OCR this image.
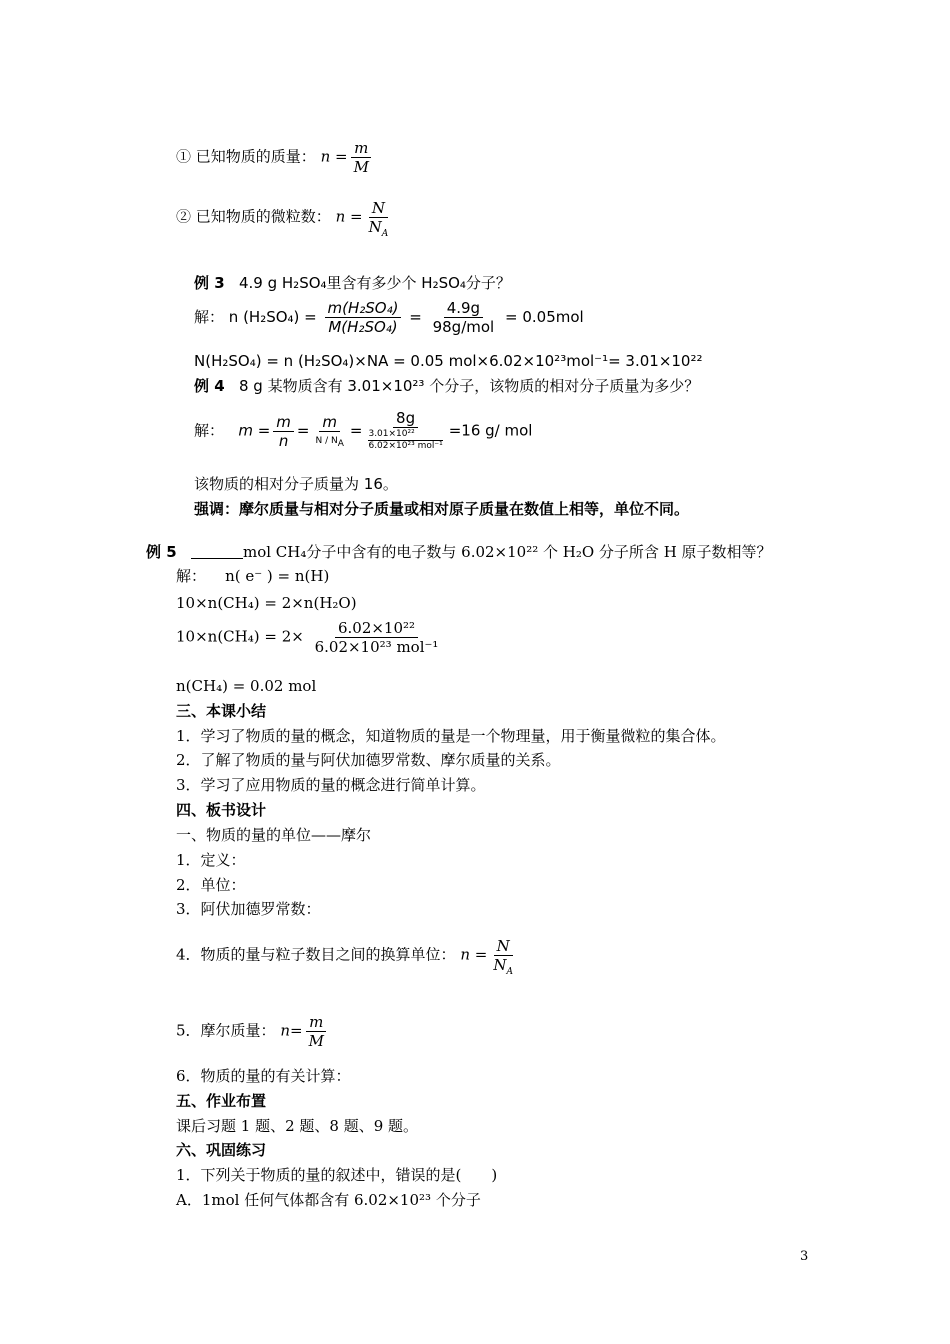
① 已知物质的质量： $n = \frac{m}{M}$
② 已知物质的微粒数： $n = \frac{N}{N_A}$
例 3 4.9 g H₂SO₄里含有多少个 H₂SO₄分子？
解： n $(H_2SO_4) = \frac{\text{m(H₂SO₄)}}{\text{M(H₂SO₄)}} = \frac{4.9g}{\text{98g/mol}} = 0.05mol$
N(H₂SO₄) = n (H₂SO₄)×NA = 0.05 mol×6.02×10²³mol⁻¹= 3.01×10²²
例 4 8 g 某物质含有 3.01×10²³ 个分子，该物质的相对分子质量为多少？
解： $m = \frac{m}{n} = \frac{m}{N / N_A} = 8g$
3.01×10²²
6.02×10²³ mol⁻¹ =16 g/ mol
该物质的相对分子质量为 16。
强调：摩尔质量与相对分子质量或相对原子质量在数值上相等，单位不同。
例 5	mol CH₄分子中含有的电子数与 6.02×10²² 个 H₂O 分子所含 H 原子数相等？
解： n( e⁻ ) = n(H)
10×n(CH₄) = 2×n(H₂O)
$10\times n(CH_4) = 2\times \frac{\text{6.02×10²²}}{\text{6.02×10²³ mol⁻¹}}$
n(CH₄) = 0.02 mol
三、本课小结
1．学习了物质的量的概念，知道物质的量是一个物理量，用于衡量微粒的集合体。
2．了解了物质的量与阿伏加德罗常数、摩尔质量的关系。
3．学习了应用物质的量的概念进行简单计算。
四、板书设计
一、物质的量的单位——摩尔
1．定义：
2．单位：
3．阿伏加德罗常数：
4．物质的量与粒子数目之间的换算单位： $n = \frac{N}{N_A}$
5．摩尔质量： $n= \frac{m}{M}$
6．物质的量的有关计算：
五、作业布置
课后习题 1 题、2 题、8 题、9 题。
六、巩固练习
1．下列关于物质的量的叙述中，错误的是(　　)
A．1mol 任何气体都含有 6.02×10²³ 个分子
3
